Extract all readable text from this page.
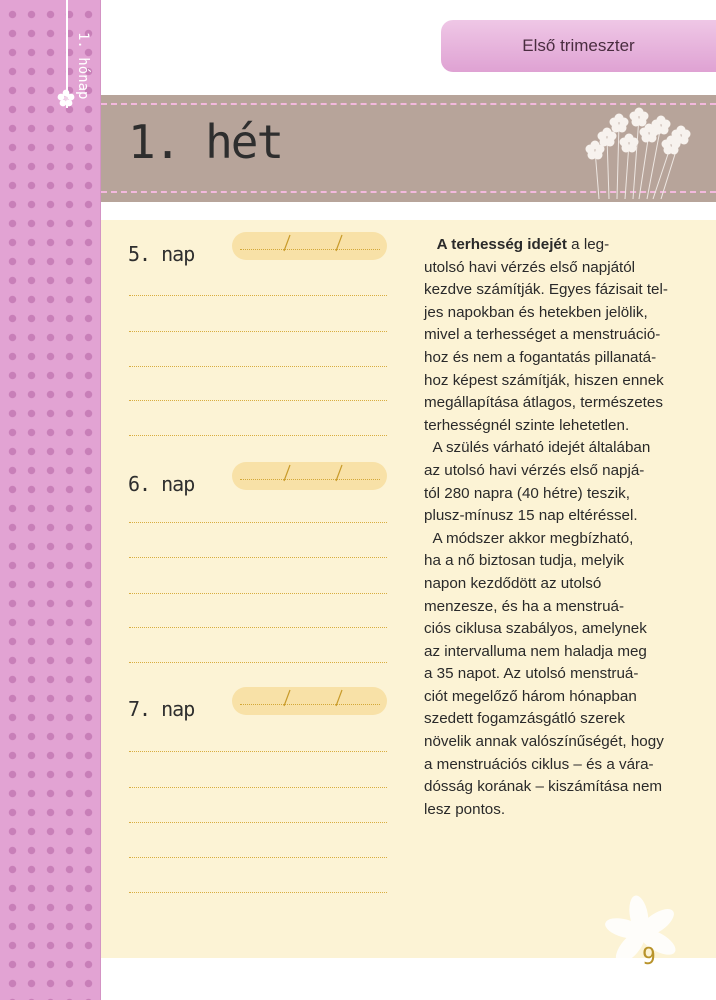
1. hónap	Első trimeszter
1. hét
5. nap
6. nap
7. nap

A terhesség idejét a leg-
utolsó havi vérzés első napjától
kezdve számítják. Egyes fázisait tel-
jes napokban és hetekben jelölik,
mivel a terhességet a menstruáció-
hoz és nem a fogantatás pillanatá-
hoz képest számítják, hiszen ennek
megállapítása átlagos, természetes
terhességnél szinte lehetetlen.

A szülés várható idejét általában
az utolsó havi vérzés első napjá-
tól 280 napra (40 hétre) teszik,
plusz-mínusz 15 nap eltéréssel.

A módszer akkor megbízható,
ha a nő biztosan tudja, melyik
napon kezdődött az utolsó
menzesze, és ha a menstruá-
ciós ciklusa szabályos, amelynek
az intervalluma nem haladja meg
a 35 napot. Az utolsó menstruá-
ciót megelőző három hónapban
szedett fogamzásgátló szerek
növelik annak valószínűségét, hogy
a menstruációs ciklus – és a vára-
dósság korának – kiszámítása nem
lesz pontos.

9
